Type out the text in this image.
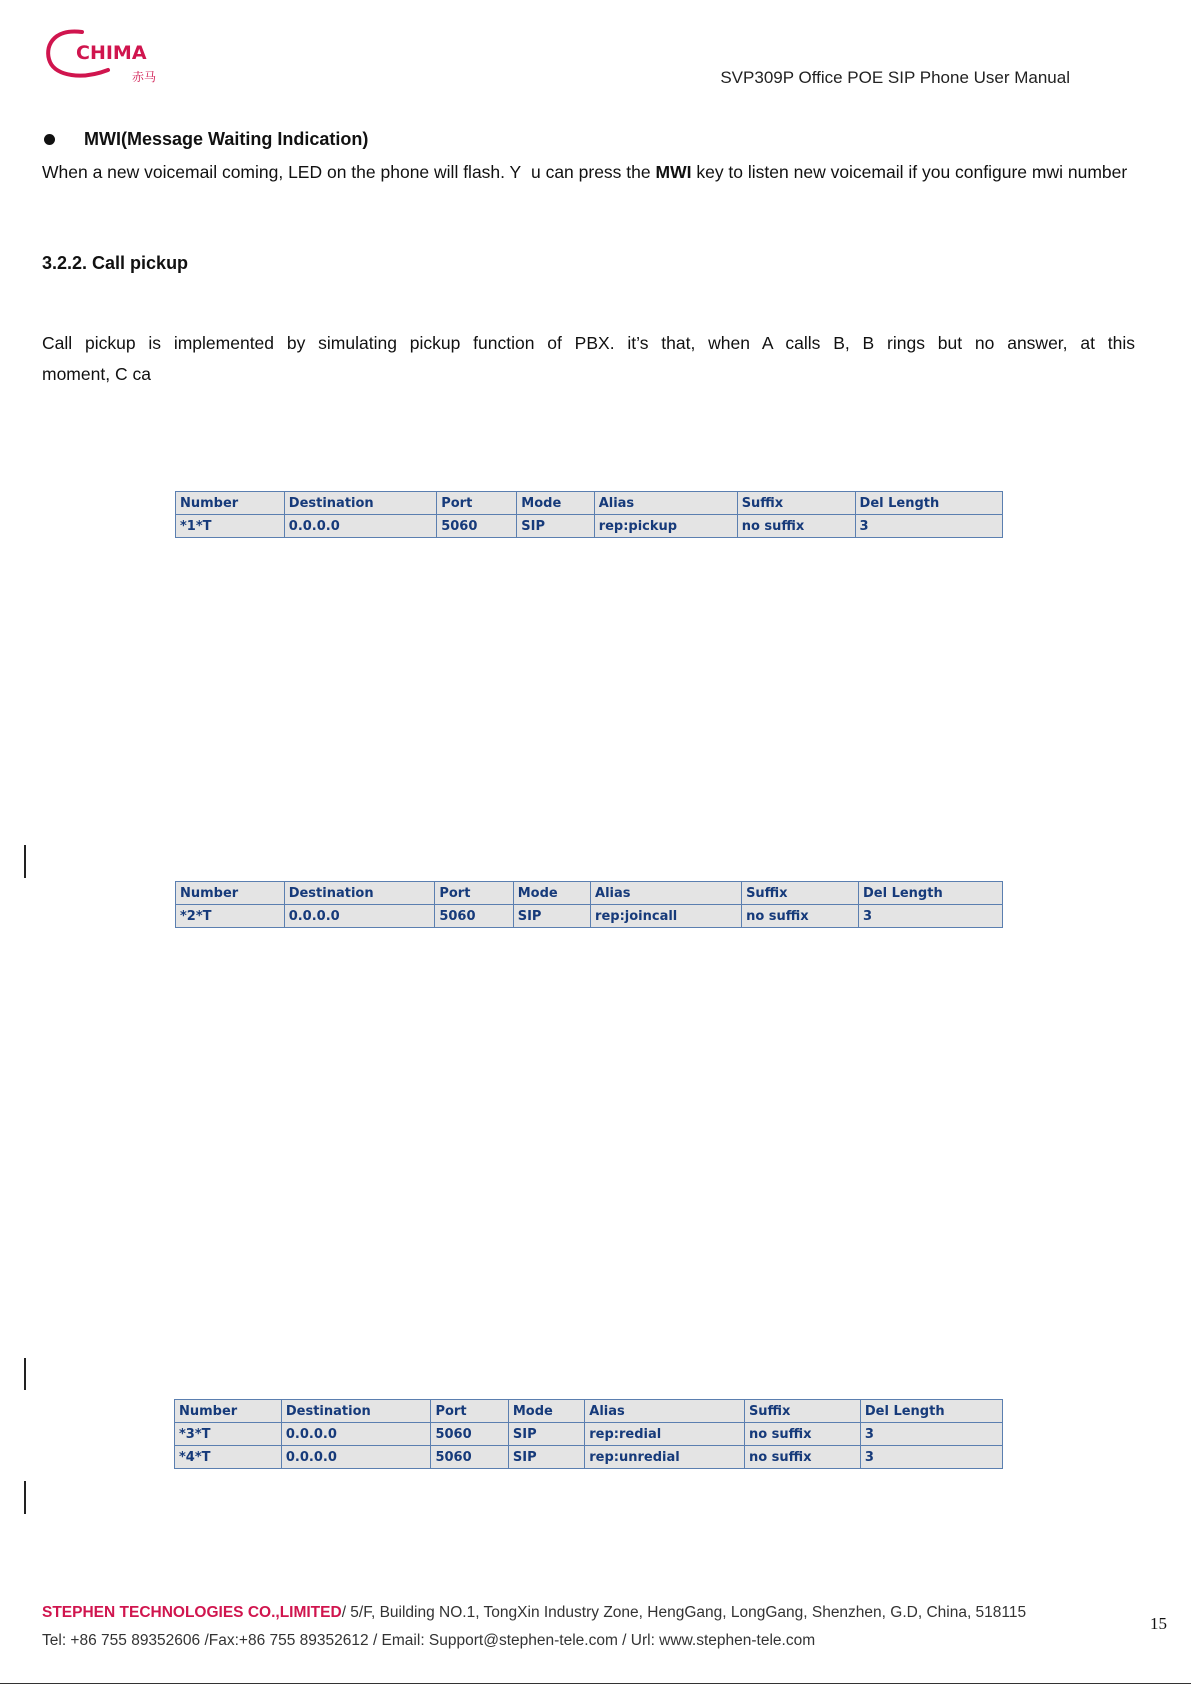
CHIMA
赤马	SVP309P Office POE SIP Phone User Manual
MWI(Message Waiting Indication)
When a new voicemail coming, LED on the phone will flash. Y u can press the MWI key to listen new voicemail if you configure mwi number
3.2.2. Call pickup
Call pickup is implemented by simulating pickup function of PBX. it’s that, when A calls B, B rings but no answer, at this
moment, C ca
Number	Destination	Port	Mode	Alias	Suffix	Del Length
*1*T	0.0.0.0	5060	SIP	rep:pickup	no suffix	3
Number	Destination	Port	Mode	Alias	Suffix	Del Length
*2*T	0.0.0.0	5060	SIP	rep:joincall	no suffix	3
Number	Destination	Port	Mode	Alias	Suffix	Del Length
*3*T	0.0.0.0	5060	SIP	rep:redial	no suffix	3
*4*T	0.0.0.0	5060	SIP	rep:unredial	no suffix	3
STEPHEN TECHNOLOGIES CO.,LIMITED/ 5/F, Building NO.1, TongXin Industry Zone, HengGang, LongGang, Shenzhen, G.D, China, 518115
Tel: +86 755 89352606 /Fax:+86 755 89352612 / Email: Support@stephen-tele.com / Url: www.stephen-tele.com
15
